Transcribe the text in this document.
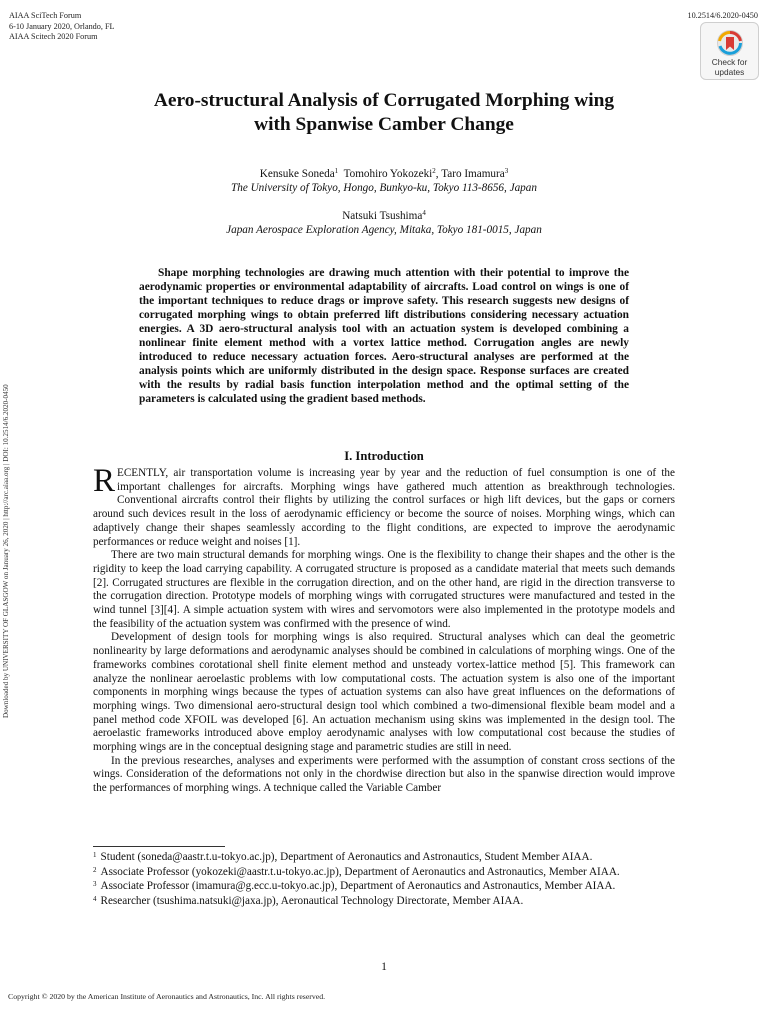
AIAA SciTech Forum
6-10 January 2020, Orlando, FL
AIAA Scitech 2020 Forum
10.2514/6.2020-0450
Check for
updates
Downloaded by UNIVERSITY OF GLASGOW on January 26, 2020 | http://arc.aiaa.org | DOI: 10.2514/6.2020-0450
Aero-structural Analysis of Corrugated Morphing wing
with Spanwise Camber Change
Kensuke Soneda$^1$ Tomohiro Yokozeki$^2$, Taro Imamura$^3$
The University of Tokyo, Hongo, Bunkyo-ku, Tokyo 113-8656, Japan
Natsuki Tsushima$^4$
Japan Aerospace Exploration Agency, Mitaka, Tokyo 181-0015, Japan
Shape morphing technologies are drawing much attention with their potential to improve the aerodynamic properties or environmental adaptability of aircrafts. Load control on wings is one of the important techniques to reduce drags or improve safety. This research suggests new designs of corrugated morphing wings to obtain preferred lift distributions considering necessary actuation energies. A 3D aero-structural analysis tool with an actuation system is developed combining a nonlinear finite element method with a vortex lattice method. Corrugation angles are newly introduced to reduce necessary actuation forces. Aero-structural analyses are performed at the analysis points which are uniformly distributed in the design space. Response surfaces are created with the results by radial basis function interpolation method and the optimal setting of the parameters is calculated using the gradient based methods.
I. Introduction

RECENTLY, air transportation volume is increasing year by year and the reduction of fuel consumption is one of the important challenges for aircrafts. Morphing wings have gathered much attention as breakthrough technologies. Conventional aircrafts control their flights by utilizing the control surfaces or high lift devices, but the gaps or corners around such devices result in the loss of aerodynamic efficiency or become the source of noises. Morphing wings, which can adaptively change their shapes seamlessly according to the flight conditions, are expected to improve the aerodynamic performances or reduce weight and noises [1].

There are two main structural demands for morphing wings. One is the flexibility to change their shapes and the other is the rigidity to keep the load carrying capability. A corrugated structure is proposed as a candidate material that meets such demands [2]. Corrugated structures are flexible in the corrugation direction, and on the other hand, are rigid in the direction transverse to the corrugation direction. Prototype models of morphing wings with corrugated structures were manufactured and tested in the wind tunnel [3][4]. A simple actuation system with wires and servomotors were also implemented in the prototype models and the feasibility of the actuation system was confirmed with the presence of wind.

Development of design tools for morphing wings is also required. Structural analyses which can deal the geometric nonlinearity by large deformations and aerodynamic analyses should be combined in calculations of morphing wings. One of the frameworks combines corotational shell finite element method and unsteady vortex-lattice method [5]. This framework can analyze the nonlinear aeroelastic problems with low computational costs. The actuation system is also one of the important components in morphing wings because the types of actuation systems can also have great influences on the deformations of morphing wings. Two dimensional aero-structural design tool which combined a two-dimensional flexible beam model and a panel method code XFOIL was developed [6]. An actuation mechanism using skins was implemented in the design tool. The aeroelastic frameworks introduced above employ aerodynamic analyses with low computational cost because the studies of morphing wings are in the conceptual designing stage and parametric studies are still in need.

In the previous researches, analyses and experiments were performed with the assumption of constant cross sections of the wings. Consideration of the deformations not only in the chordwise direction but also in the spanwise direction would improve the performances of morphing wings. A technique called the Variable Camber

$^1$ Student (soneda@aastr.t.u-tokyo.ac.jp), Department of Aeronautics and Astronautics, Student Member AIAA.

$^2$ Associate Professor (yokozeki@aastr.t.u-tokyo.ac.jp), Department of Aeronautics and Astronautics, Member AIAA.

$^3$ Associate Professor (imamura@g.ecc.u-tokyo.ac.jp), Department of Aeronautics and Astronautics, Member AIAA.

$^4$ Researcher (tsushima.natsuki@jaxa.jp), Aeronautical Technology Directorate, Member AIAA.

1
Copyright © 2020 by the American Institute of Aeronautics and Astronautics, Inc. All rights reserved.
